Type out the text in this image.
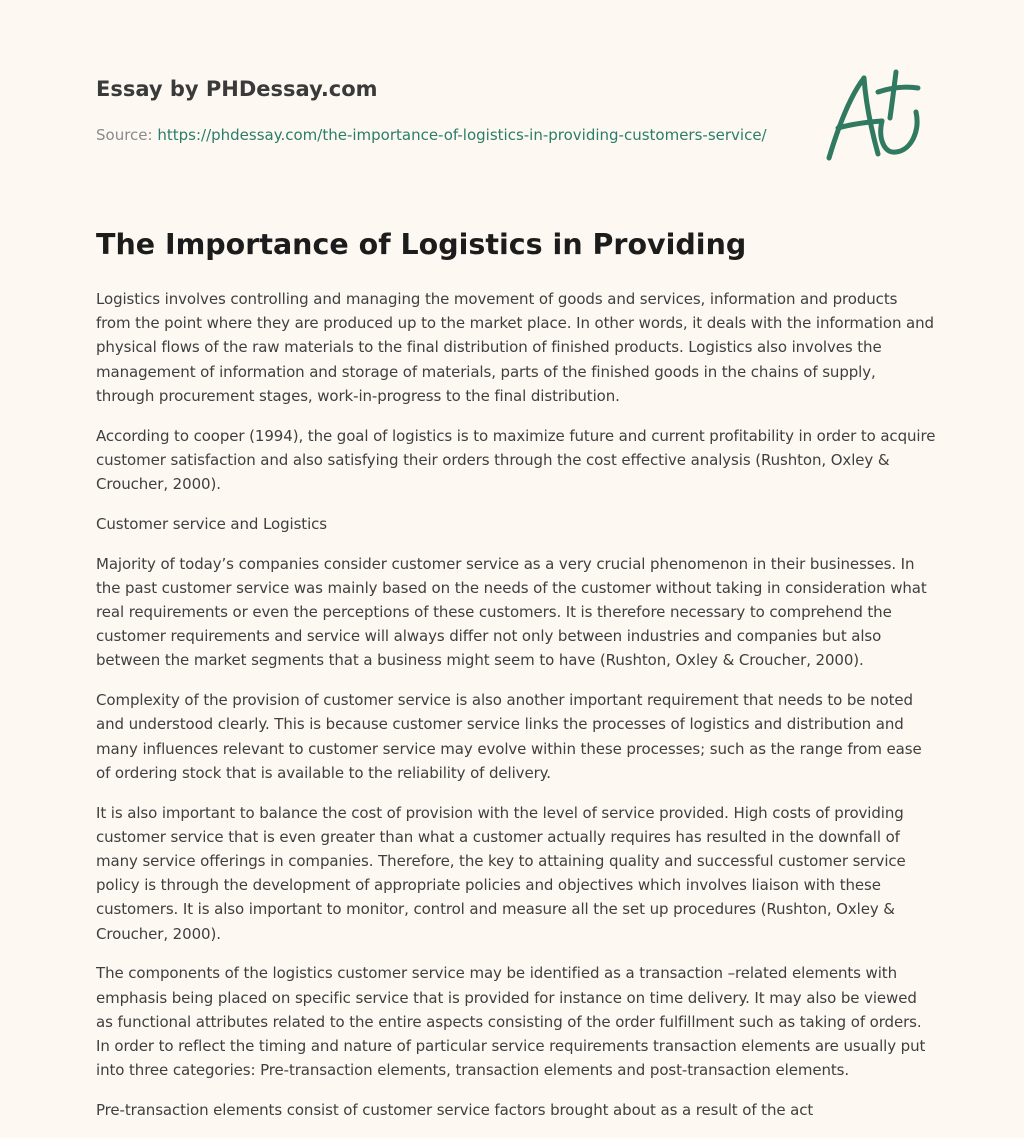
Essay by PHDessay.com
Source: https://phdessay.com/the-importance-of-logistics-in-providing-customers-service/
The Importance of Logistics in Providing

Logistics involves controlling and managing the movement of goods and services, information and products from the point where they are produced up to the market place. In other words, it deals with the information and physical flows of the raw materials to the final distribution of finished products. Logistics also involves the management of information and storage of materials, parts of the finished goods in the chains of supply, through procurement stages, work-in-progress to the final distribution.

According to cooper (1994), the goal of logistics is to maximize future and current profitability in order to acquire customer satisfaction and also satisfying their orders through the cost effective analysis (Rushton, Oxley & Croucher, 2000).

Customer service and Logistics

Majority of today’s companies consider customer service as a very crucial phenomenon in their businesses. In the past customer service was mainly based on the needs of the customer without taking in consideration what real requirements or even the perceptions of these customers. It is therefore necessary to comprehend the customer requirements and service will always differ not only between industries and companies but also between the market segments that a business might seem to have (Rushton, Oxley & Croucher, 2000).

Complexity of the provision of customer service is also another important requirement that needs to be noted and understood clearly. This is because customer service links the processes of logistics and distribution and many influences relevant to customer service may evolve within these processes; such as the range from ease of ordering stock that is available to the reliability of delivery.

It is also important to balance the cost of provision with the level of service provided. High costs of providing customer service that is even greater than what a customer actually requires has resulted in the downfall of many service offerings in companies. Therefore, the key to attaining quality and successful customer service policy is through the development of appropriate policies and objectives which involves liaison with these customers. It is also important to monitor, control and measure all the set up procedures (Rushton, Oxley & Croucher, 2000).

The components of the logistics customer service may be identified as a transaction –related elements with emphasis being placed on specific service that is provided for instance on time delivery. It may also be viewed as functional attributes related to the entire aspects consisting of the order fulfillment such as taking of orders. In order to reflect the timing and nature of particular service requirements transaction elements are usually put into three categories: Pre-transaction elements, transaction elements and post-transaction elements.

Pre-transaction elements consist of customer service factors brought about as a result of the act
